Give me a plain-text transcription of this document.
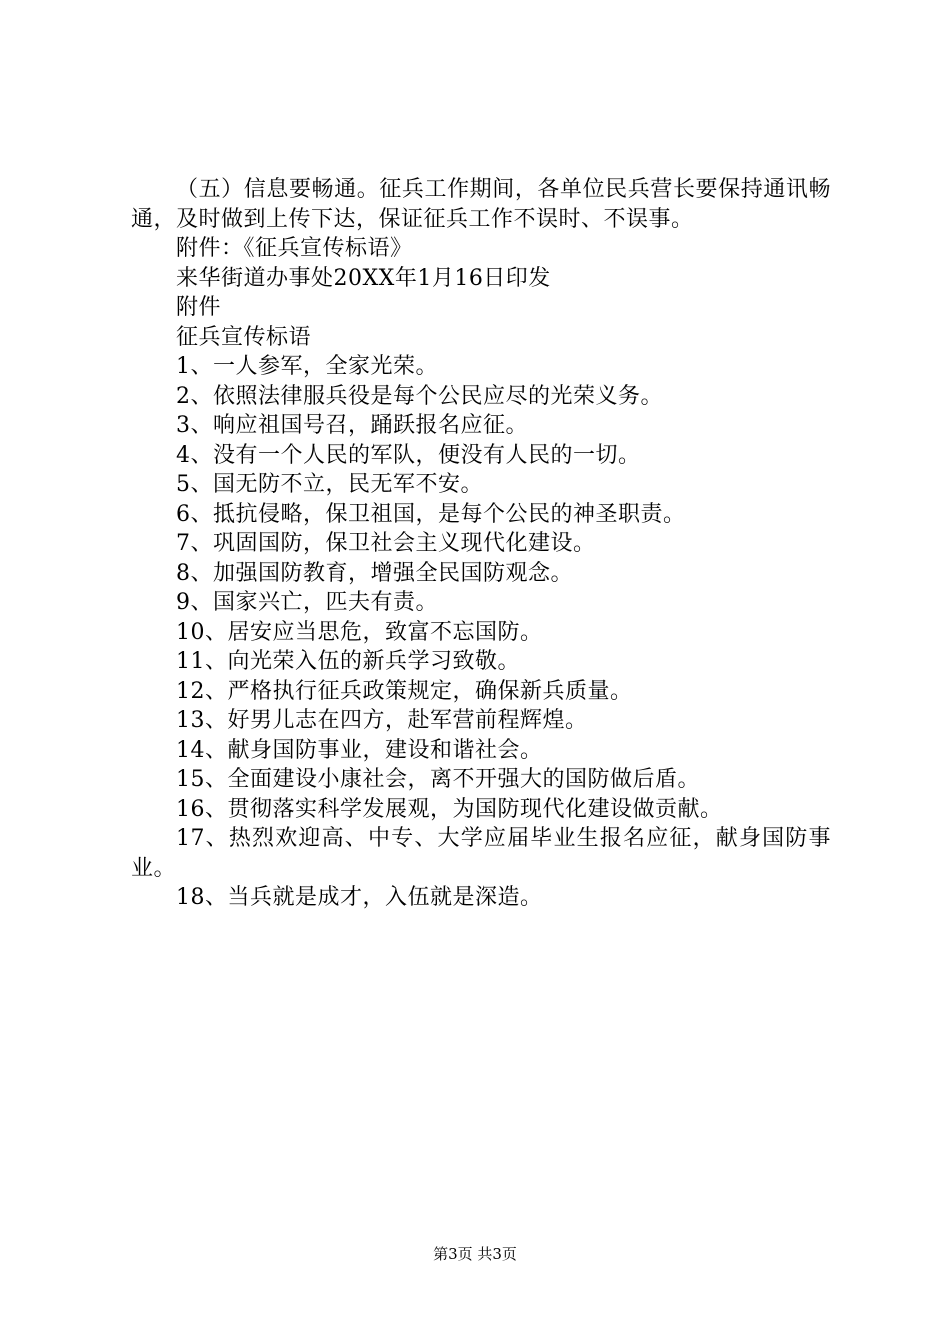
（五）信息要畅通。征兵工作期间，各单位民兵营长要保持通讯畅通，及时做到上传下达，保证征兵工作不误时、不误事。

附件：《征兵宣传标语》

来华街道办事处20XX年1月16日印发

附件

征兵宣传标语

1、一人参军，全家光荣。

2、依照法律服兵役是每个公民应尽的光荣义务。

3、响应祖国号召，踊跃报名应征。

4、没有一个人民的军队，便没有人民的一切。

5、国无防不立，民无军不安。

6、抵抗侵略，保卫祖国，是每个公民的神圣职责。

7、巩固国防，保卫社会主义现代化建设。

8、加强国防教育，增强全民国防观念。

9、国家兴亡，匹夫有责。

10、居安应当思危，致富不忘国防。

11、向光荣入伍的新兵学习致敬。

12、严格执行征兵政策规定，确保新兵质量。

13、好男儿志在四方，赴军营前程辉煌。

14、献身国防事业，建设和谐社会。

15、全面建设小康社会，离不开强大的国防做后盾。

16、贯彻落实科学发展观，为国防现代化建设做贡献。

17、热烈欢迎高、中专、大学应届毕业生报名应征，献身国防事业。

18、当兵就是成才，入伍就是深造。

第3页 共3页
